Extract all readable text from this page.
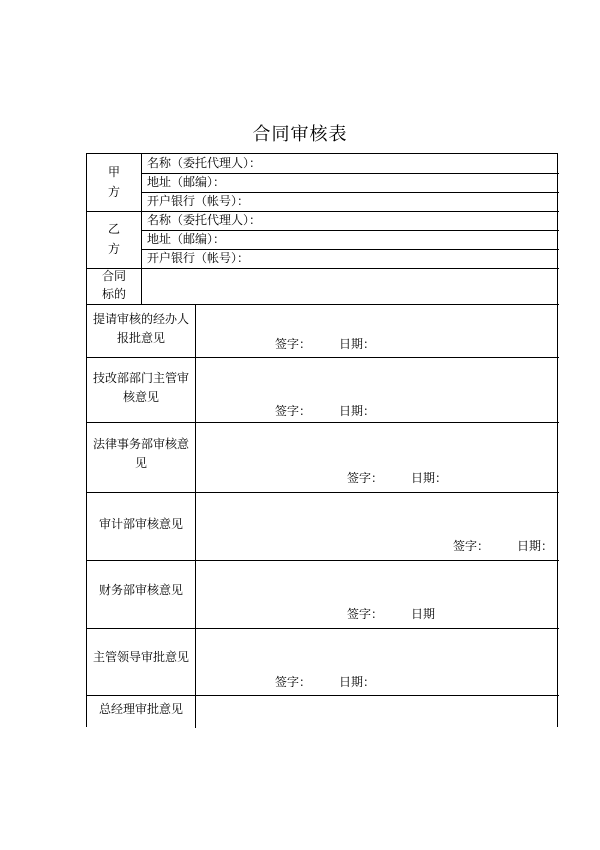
合同审核表
甲
方
名称（委托代理人）：
地址（邮编）：
开户银行（帐号）：
乙
方
名称（委托代理人）：
地址（邮编）：
开户银行（帐号）：
合同
标的
提请审核的经办人
报批意见	签字： 日期：
技改部部门主管审
核意见
签字： 日期：
法律事务部审核意
见
签字： 日期：
审计部审核意见
签字： 日期：
财务部审核意见
签字： 日期
主管领导审批意见
签字： 日期：
总经理审批意见
